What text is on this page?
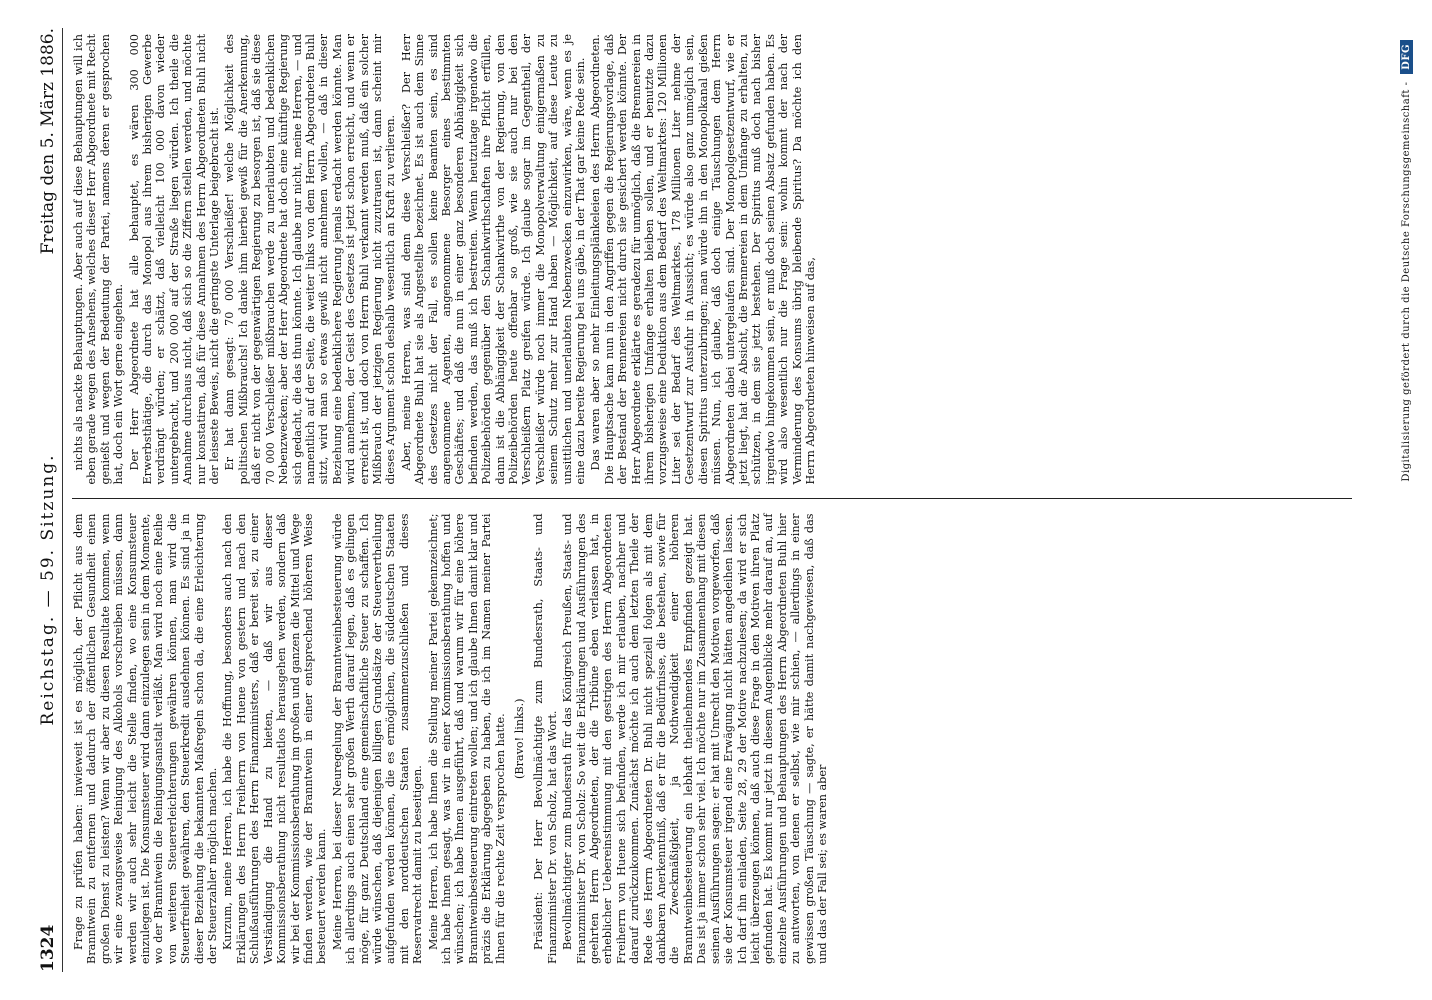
1324
Reichstag. — 59. Sitzung.
Freitag den 5. März 1886.

Frage zu prüfen haben: inwieweit ist es möglich, der Pflicht aus dem Branntwein zu entfernen und dadurch der öffentlichen Gesundheit einen großen Dienst zu leisten? Wenn wir aber zu diesen Resultate kommen, wenn wir eine zwangsweise Reinigung des Alkohols vorschreiben müssen, dann werden wir auch sehr leicht die Stelle finden, wo eine Konsumsteuer einzulegen ist. Die Konsumsteuer wird dann einzulegen sein in dem Momente, wo der Branntwein die Reinigungsanstalt verläßt. Man wird noch eine Reihe von weiteren Steuererleichterungen gewähren können, man wird die Steuerfreiheit gewähren, den Steuerkredit ausdehnen können. Es sind ja in dieser Beziehung die bekannten Maßregeln schon da, die eine Erleichterung der Steuerzahler möglich machen. Kurzum, meine Herren, ich habe die Hoffnung, besonders auch nach den Erklärungen des Herrn Freiherrn von Huene von gestern und nach den Schlußausführungen des Herrn Finanzministers, daß er bereit sei, zu einer Verständigung die Hand zu bieten, — daß wir aus dieser Kommissionsberathung nicht resultatlos herausgehen werden, sondern daß wir bei der Kommissionsberathung im großen und ganzen die Mittel und Wege finden werden, wie der Branntwein in einer entsprechend höheren Weise besteuert werden kann. Meine Herren, bei dieser Neuregelung der Branntweinbesteuerung würde ich allerdings auch einen sehr großen Werth darauf legen, daß es gelingen möge, für ganz Deutschland eine gemeinschaftliche Steuer zu schaffen. Ich würde wünschen, daß diejenigen billigen Grundsätze der Steuervertheilung aufgefunden werden können, die es ermöglichen, die süddeutschen Staaten mit den norddeutschen Staaten zusammenzuschließen und dieses Reservatrecht damit zu beseitigen. Meine Herren, ich habe Ihnen die Stellung meiner Partei gekennzeichnet; ich habe Ihnen gesagt, was wir in einer Kommissionsberathung hoffen und wünschen; ich habe Ihnen ausgeführt, daß und warum wir für eine höhere Branntweinbesteuerung eintreten wollen; und ich glaube Ihnen damit klar und präzis die Erklärung abgegeben zu haben, die ich im Namen meiner Partei Ihnen für die rechte Zeit versprochen hatte. (Bravo! links.) Präsident: Der Herr Bevollmächtigte zum Bundesrath, Staats- und Finanzminister Dr. von Scholz, hat das Wort. Bevollmächtigter zum Bundesrath für das Königreich Preußen, Staats- und Finanzminister Dr. von Scholz: So weit die Erklärungen und Ausführungen des geehrten Herrn Abgeordneten, der die Tribüne eben verlassen hat, in erheblicher Uebereinstimmung mit den gestrigen des Herrn Abgeordneten Freiherrn von Huene sich befunden, werde ich mir erlauben, nachher und darauf zurückzukommen. Zunächst möchte ich auch dem letzten Theile der Rede des Herrn Abgeordneten Dr. Buhl nicht speziell folgen als mit dem dankbaren Anerkenntniß, daß er für die Bedürfnisse, die bestehen, sowie für die Zweckmäßigkeit, ja Nothwendigkeit einer höheren Branntweinbesteuerung ein lebhaft theilnehmendes Empfinden gezeigt hat. Das ist ja immer schon sehr viel. Ich möchte nur im Zusammenhang mit diesen seinen Ausführungen sagen: er hat mit Unrecht den Motiven vorgeworfen, daß sie der Konsumsteuer irgend eine Erwägung nicht hätten angedeihen lassen. Ich darf ihn einladen, Seite 28, 29 der Motive nachzulesen; da wird er sich leicht überzeugen können, daß auch diese Frage in den Motiven ihren Platz gefunden hat. Es kommt nur jetzt in diesem Augenblicke mehr darauf an, auf einzelne Ausführungen und Behauptungen des Herrn Abgeordneten Buhl hier zu antworten, von denen er selbst, wie mir schien, — allerdings in einer gewissen großen Täuschung — sagte, er hätte damit nachgewiesen, daß das und das der Fall sei; es waren aber

nichts als nackte Behauptungen. Aber auch auf diese Behauptungen will ich eben gerade wegen des Ansehens, welches dieser Herr Abgeordnete mit Recht genießt und wegen der Bedeutung der Partei, namens deren er gesprochen hat, doch ein Wort gerne eingehen. Der Herr Abgeordnete hat alle behauptet, es wären 300 000 Erwerbsthätige, die durch das Monopol aus ihrem bisherigen Gewerbe verdrängt würden; er schätzt, daß vielleicht 100 000 davon wieder untergebracht, und 200 000 auf der Straße liegen würden. Ich theile die Annahme durchaus nicht, daß sich so die Ziffern stellen werden, und möchte nur konstatiren, daß für diese Annahmen des Herrn Abgeordneten Buhl nicht der leiseste Beweis, nicht die geringste Unterlage beigebracht ist. Er hat dann gesagt: 70 000 Verschleißer! welche Möglichkeit des politischen Mißbrauchs! Ich danke ihm hierbei gewiß für die Anerkennung, daß er nicht von der gegenwärtigen Regierung zu besorgen ist, daß sie diese 70 000 Verschleißer mißbrauchen werde zu unerlaubten und bedenklichen Nebenzwecken; aber der Herr Abgeordnete hat doch eine künftige Regierung sich gedacht, die das thun könnte. Ich glaube nur nicht, meine Herren, — und namentlich auf der Seite, die weiter links von dem Herrn Abgeordneten Buhl sitzt, wird man so etwas gewiß nicht annehmen wollen, — daß in dieser Beziehung eine bedenklichere Regierung jemals erdacht werden könnte. Man wird annehmen, der Geist des Gesetzes ist jetzt schon erreicht, und wenn er erreicht ist, und doch von Herrn Buhl verkannt werden muß, daß ein solcher Mißbrauch der jetzigen Regierung nicht zuzutrauen ist, dann scheint mir dieses Argument schon deshalb wesentlich an Kraft zu verlieren. Aber, meine Herren, was sind denn diese Verschleißer? Der Herr Abgeordnete Buhl hat sie als Angestellte bezeichnet. Es ist auch dem Sinne des Gesetzes nicht der Fall, es sollen keine Beamten sein, es sind angenommene Agenten, angenommene Besorger eines bestimmten Geschäftes; und daß die nun in einer ganz besonderen Abhängigkeit sich befinden werden, das muß ich bestreiten. Wenn heutzutage irgendwo die Polizeibehörden gegenüber den Schankwirthschaften ihre Pflicht erfüllen, dann ist die Abhängigkeit der Schankwirthe von der Regierung, von den Polizeibehörden heute offenbar so groß, wie sie auch nur bei den Verschleißern Platz greifen würde. Ich glaube sogar im Gegentheil, der Verschleißer würde noch immer die Monopolverwaltung einigermaßen zu seinem Schutz mehr zur Hand haben — Möglichkeit, auf diese Leute zu unsittlichen und unerlaubten Nebenzwecken einzuwirken, wäre, wenn es je eine dazu bereite Regierung bei uns gäbe, in der That gar keine Rede sein. Das waren aber so mehr Einleitungsplänkeleien des Herrn Abgeordneten. Die Hauptsache kam nun in den Angriffen gegen die Regierungsvorlage, daß der Bestand der Brennereien nicht durch sie gesichert werden könnte. Der Herr Abgeordnete erklärte es geradezu für unmöglich, daß die Brennereien in ihrem bisherigen Umfange erhalten bleiben sollen, und er benutzte dazu vorzugsweise eine Deduktion aus dem Bedarf des Weltmarktes: 120 Millionen Liter sei der Bedarf des Weltmarktes, 178 Millionen Liter nehme der Gesetzentwurf zur Ausfuhr in Aussicht; es würde also ganz unmöglich sein, diesen Spiritus unterzubringen; man würde ihn in den Monopolkanal gießen müssen. Nun, ich glaube, daß doch einige Täuschungen dem Herrn Abgeordneten dabei untergelaufen sind. Der Monopolgesetzentwurf, wie er jetzt liegt, hat die Absicht, die Brennereien in dem Umfange zu erhalten, zu schützen, in dem sie jetzt bestehen. Der Spiritus muß doch nach bisher irgendwo hingekommen sein, er muß doch seinen Absatz gefunden haben. Es wird also wesentlich nur die Frage sein: wohin kommt der nach der Verminderung des Konsums übrig bleibende Spiritus? Da möchte ich den Herrn Abgeordneten hinweisen auf das,	Digitalisierung gefördert durch die Deutsche Forschungsgemeinschaft - DFG
